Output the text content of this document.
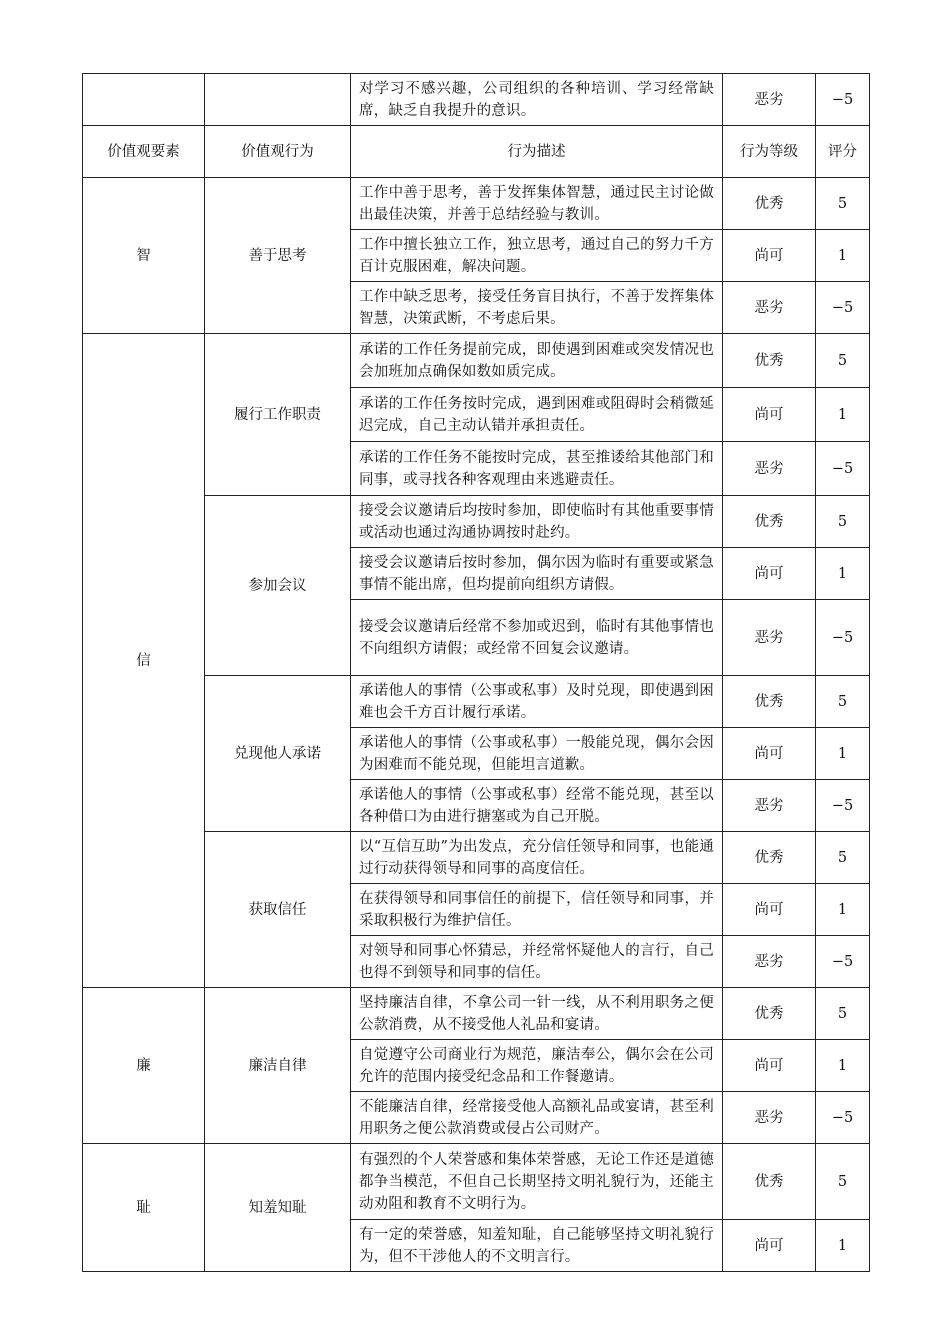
		对学习不感兴趣，公司组织的各种培训、学习经常缺席，缺乏自我提升的意识。	恶劣	−5
价值观要素	价值观行为	行为描述	行为等级	评分
智	善于思考	工作中善于思考，善于发挥集体智慧，通过民主讨论做出最佳决策，并善于总结经验与教训。	优秀	5
		工作中擅长独立工作，独立思考，通过自己的努力千方百计克服困难，解决问题。	尚可	1
		工作中缺乏思考，接受任务盲目执行，不善于发挥集体智慧，决策武断，不考虑后果。	恶劣	−5
信	履行工作职责	承诺的工作任务提前完成，即使遇到困难或突发情况也会加班加点确保如数如质完成。	优秀	5
		承诺的工作任务按时完成，遇到困难或阻碍时会稍微延迟完成，自己主动认错并承担责任。	尚可	1
		承诺的工作任务不能按时完成，甚至推诿给其他部门和同事，或寻找各种客观理由来逃避责任。	恶劣	−5
	参加会议	接受会议邀请后均按时参加，即使临时有其他重要事情或活动也通过沟通协调按时赴约。	优秀	5
		接受会议邀请后按时参加，偶尔因为临时有重要或紧急事情不能出席，但均提前向组织方请假。	尚可	1
		接受会议邀请后经常不参加或迟到，临时有其他事情也不向组织方请假；或经常不回复会议邀请。	恶劣	−5
	兑现他人承诺	承诺他人的事情（公事或私事）及时兑现，即使遇到困难也会千方百计履行承诺。	优秀	5
		承诺他人的事情（公事或私事）一般能兑现，偶尔会因为困难而不能兑现，但能坦言道歉。	尚可	1
		承诺他人的事情（公事或私事）经常不能兑现，甚至以各种借口为由进行搪塞或为自己开脱。	恶劣	−5
	获取信任	以“互信互助”为出发点，充分信任领导和同事，也能通过行动获得领导和同事的高度信任。	优秀	5
		在获得领导和同事信任的前提下，信任领导和同事，并采取积极行为维护信任。	尚可	1
		对领导和同事心怀猜忌，并经常怀疑他人的言行，自己也得不到领导和同事的信任。	恶劣	−5
廉	廉洁自律	坚持廉洁自律，不拿公司一针一线，从不利用职务之便公款消费，从不接受他人礼品和宴请。	优秀	5
		自觉遵守公司商业行为规范，廉洁奉公，偶尔会在公司允许的范围内接受纪念品和工作餐邀请。	尚可	1
		不能廉洁自律，经常接受他人高额礼品或宴请，甚至利用职务之便公款消费或侵占公司财产。	恶劣	−5
耻	知羞知耻	有强烈的个人荣誉感和集体荣誉感，无论工作还是道德都争当模范，不但自己长期坚持文明礼貌行为，还能主动劝阻和教育不文明行为。	优秀	5
		有一定的荣誉感，知羞知耻，自己能够坚持文明礼貌行为，但不干涉他人的不文明言行。	尚可	1
